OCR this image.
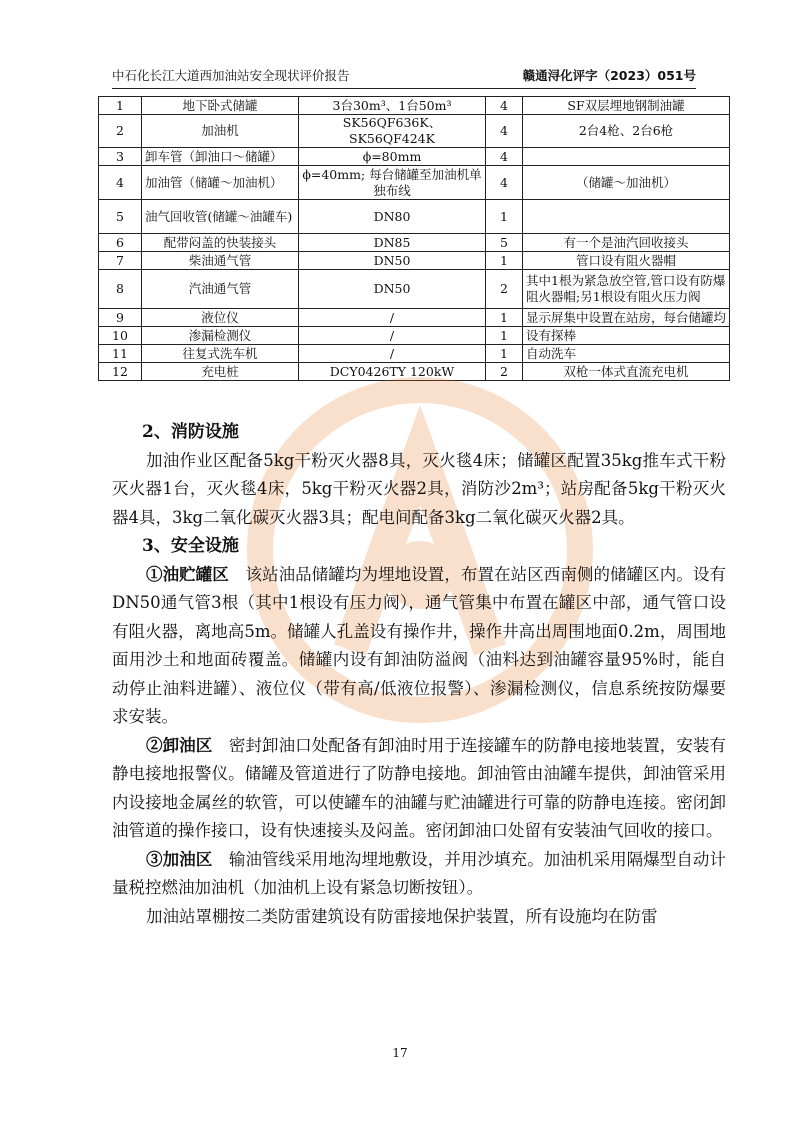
中石化长江大道西加油站安全现状评价报告	赣通浔化评字（2023）051号
1	地下卧式储罐	3台30m³、1台50m³	4	SF双层埋地钢制油罐
2	加油机	SK56QF636K、SK56QF424K	4	2台4枪、2台6枪
3	卸车管（卸油口～储罐）	ϕ=80mm	4	
4	加油管（储罐～加油机）	ϕ=40mm; 每台储罐至加油机单独布线	4	（储罐～加油机）
5	油气回收管(储罐～油罐车)	DN80	1	
6	配带闷盖的快装接头	DN85	5	有一个是油汽回收接头
7	柴油通气管	DN50	1	管口设有阻火器帽
8	汽油通气管	DN50	2	其中1根为紧急放空管,管口设有防爆阻火器帽;另1根设有阻火压力阀
9	液位仪	/	1	显示屏集中设置在站房，每台储罐均
10	渗漏检测仪	/	1	设有探棒
11	往复式洗车机	/	1	自动洗车
12	充电桩	DCY0426TY 120kW	2	双枪一体式直流充电机
2、消防设施

加油作业区配备5kg干粉灭火器8具，灭火毯4床；储罐区配置35kg推车式干粉灭火器1台，灭火毯4床，5kg干粉灭火器2具，消防沙2m³；站房配备5kg干粉灭火器4具，3kg二氧化碳灭火器3具；配电间配备3kg二氧化碳灭火器2具。

3、安全设施

①油贮罐区　 该站油品储罐均为埋地设置，布置在站区西南侧的储罐区内。设有DN50通气管3根（其中1根设有压力阀），通气管集中布置在罐区中部，通气管口设有阻火器，离地高5m。储罐人孔盖设有操作井，操作井高出周围地面0.2m，周围地面用沙土和地面砖覆盖。储罐内设有卸油防溢阀（油料达到油罐容量95%时，能自动停止油料进罐）、液位仪（带有高/低液位报警）、渗漏检测仪，信息系统按防爆要求安装。

②卸油区　 密封卸油口处配备有卸油时用于连接罐车的防静电接地装置，安装有静电接地报警仪。储罐及管道进行了防静电接地。卸油管由油罐车提供，卸油管采用内设接地金属丝的软管，可以使罐车的油罐与贮油罐进行可靠的防静电连接。密闭卸油管道的操作接口，设有快速接头及闷盖。密闭卸油口处留有安装油气回收的接口。

③加油区　 输油管线采用地沟埋地敷设，并用沙填充。加油机采用隔爆型自动计量税控燃油加油机（加油机上设有紧急切断按钮）。

加油站罩棚按二类防雷建筑设有防雷接地保护装置，所有设施均在防雷

17
